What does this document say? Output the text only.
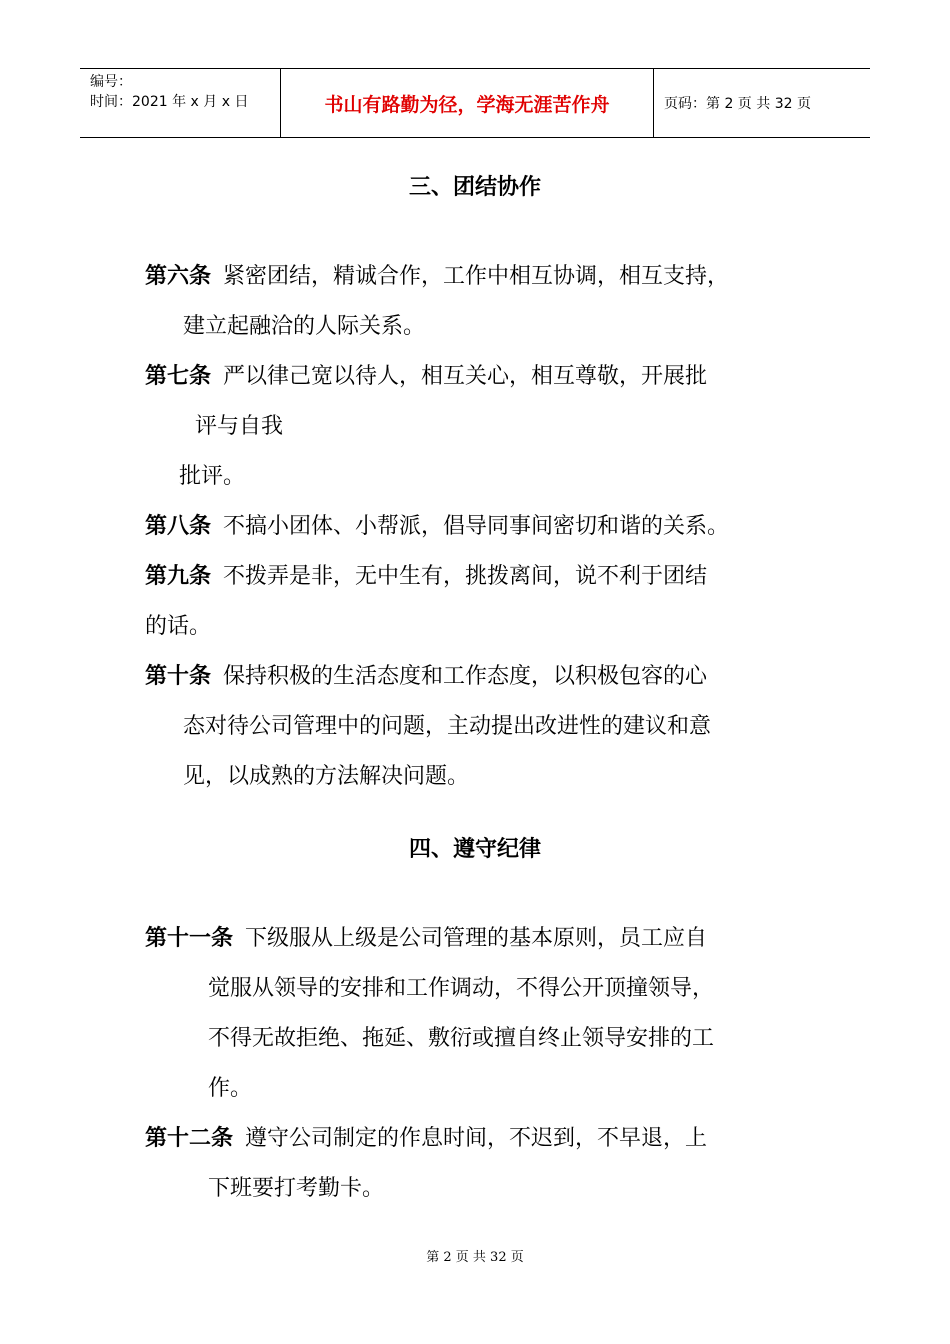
编号：
时间：2021 年 x 月 x 日	书山有路勤为径，学海无涯苦作舟	页码：第 2 页 共 32 页
三、团结协作
第六条 紧密团结，精诚合作，工作中相互协调，相互支持，
建立起融洽的人际关系。
第七条 严以律己宽以待人，相互关心，相互尊敬，开展批
评与自我
批评。
第八条 不搞小团体、小帮派，倡导同事间密切和谐的关系。
第九条 不拨弄是非，无中生有，挑拨离间，说不利于团结
的话。
第十条 保持积极的生活态度和工作态度，以积极包容的心
态对待公司管理中的问题，主动提出改进性的建议和意
见，以成熟的方法解决问题。
四、遵守纪律
第十一条 下级服从上级是公司管理的基本原则，员工应自
觉服从领导的安排和工作调动，不得公开顶撞领导，
不得无故拒绝、拖延、敷衍或擅自终止领导安排的工
作。
第十二条 遵守公司制定的作息时间，不迟到，不早退，上
下班要打考勤卡。
第 2 页 共 32 页
